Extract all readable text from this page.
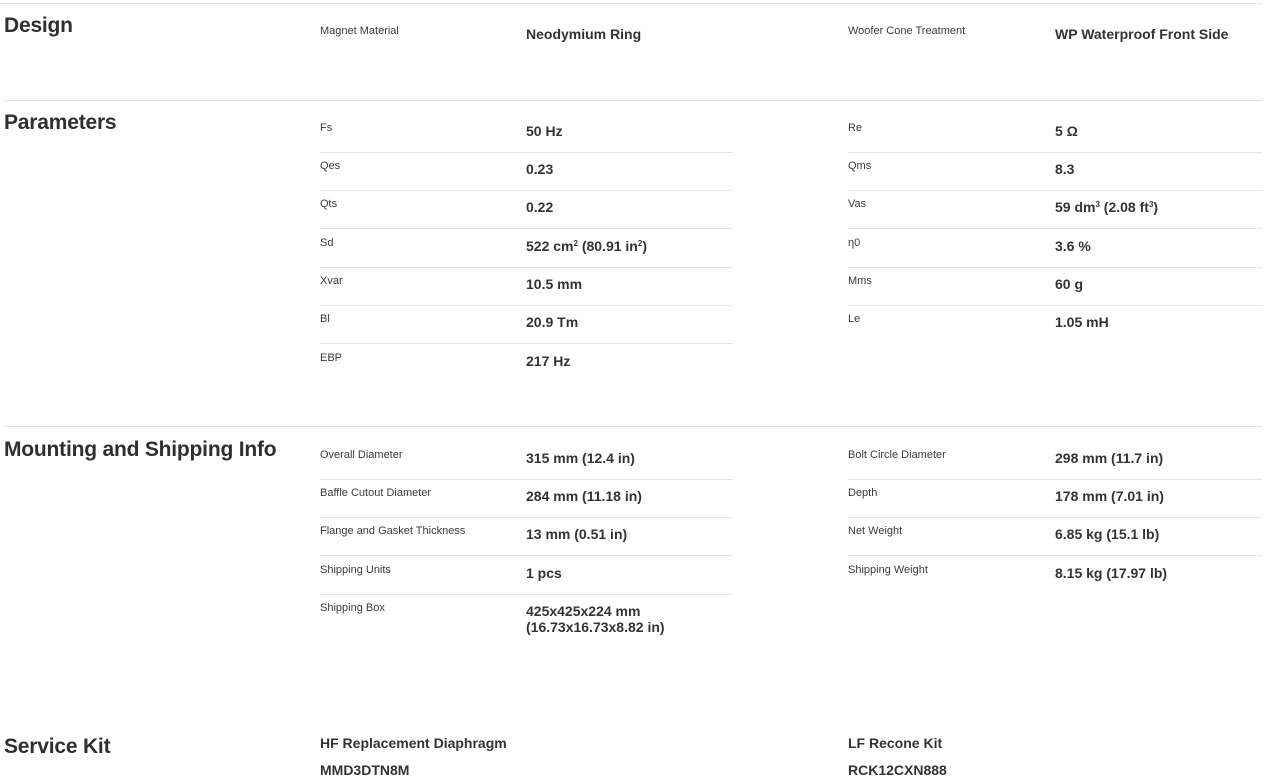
Design	Magnet Material	Neodymium Ring	Woofer Cone Treatment	WP Waterproof Front Side
Parameters	Fs	50 Hz
Qes	0.23
Qts	0.22
Sd	522 $cm^2$ (80.91 $in^2$)
Xvar	10.5 mm
Bl	20.9 Tm
EBP	217 Hz
Re	5 Ω
Qms	8.3
Vas	59 $dm^3$ (2.08 $ft^3$)
η0	3.6 %
Mms	60 g
Le	1.05 mH
Mounting and Shipping Info	Overall Diameter	315 mm (12.4 in)
Baffle Cutout Diameter	284 mm (11.18 in)
Flange and Gasket Thickness	13 mm (0.51 in)
Shipping Units	1 pcs
Shipping Box	425x425x224 mm
(16.73x16.73x8.82 in)
Bolt Circle Diameter	298 mm (11.7 in)
Depth	178 mm (7.01 in)
Net Weight	6.85 kg (15.1 lb)
Shipping Weight	8.15 kg (17.97 lb)
Service Kit	HF Replacement Diaphragm
MMD3DTN8M
LF Recone Kit
RCK12CXN888
